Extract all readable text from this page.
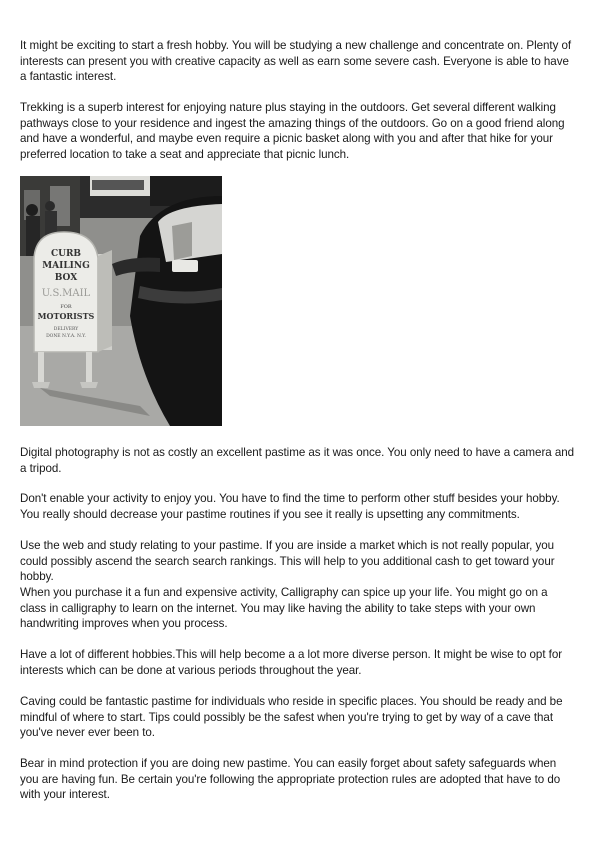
It might be exciting to start a fresh hobby. You will be studying a new challenge and concentrate on. Plenty of interests can present you with creative capacity as well as earn some severe cash. Everyone is able to have a fantastic interest.

Trekking is a superb interest for enjoying nature plus staying in the outdoors. Get several different walking pathways close to your residence and ingest the amazing things of the outdoors. Go on a good friend along and have a wonderful, and maybe even require a picnic basket along with you and after that hike for your preferred location to take a seat and appreciate that picnic lunch.

CURB
MAILING
BOX
U.S.MAIL
FOR
MOTORISTS
DELIVERY
DONE N.Y.A. N.Y.

Digital photography is not as costly an excellent pastime as it was once. You only need to have a camera and a tripod.

Don't enable your activity to enjoy you. You have to find the time to perform other stuff besides your hobby. You really should decrease your pastime routines if you see it really is upsetting any commitments.

Use the web and study relating to your pastime. If you are inside a market which is not really popular, you could possibly ascend the search search rankings. This will help to you additional cash to get toward your hobby.

When you purchase it a fun and expensive activity, Calligraphy can spice up your life. You might go on a class in calligraphy to learn on the internet. You may like having the ability to take steps with your own handwriting improves when you process.

Have a lot of different hobbies.This will help become a a lot more diverse person. It might be wise to opt for interests which can be done at various periods throughout the year.

Caving could be fantastic pastime for individuals who reside in specific places. You should be ready and be mindful of where to start. Tips could possibly be the safest when you're trying to get by way of a cave that you've never ever been to.

Bear in mind protection if you are doing new pastime. You can easily forget about safety safeguards when you are having fun. Be certain you're following the appropriate protection rules are adopted that have to do with your interest.
